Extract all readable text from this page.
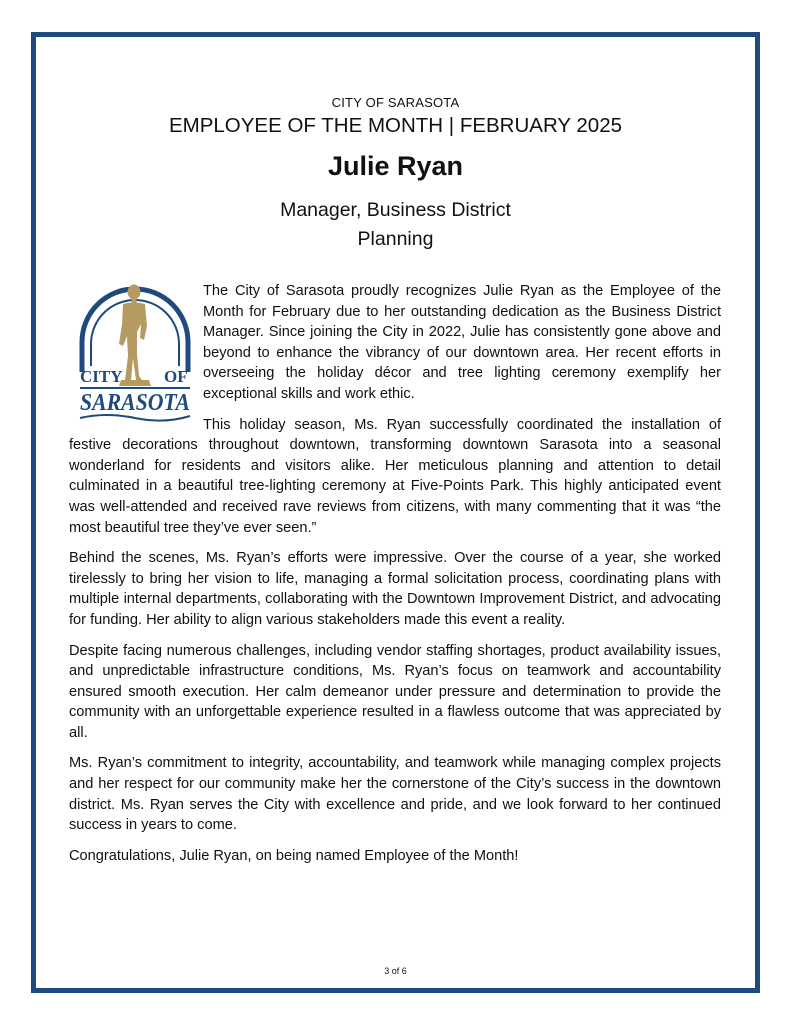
CITY OF SARASOTA
EMPLOYEE OF THE MONTH | FEBRUARY 2025
Julie Ryan
Manager, Business District
Planning
CITY OF
SARASOTA

The City of Sarasota proudly recognizes Julie Ryan as the Employee of the Month for February due to her outstanding dedication as the Business District Manager. Since joining the City in 2022, Julie has consistently gone above and beyond to enhance the vibrancy of our downtown area. Her recent efforts in overseeing the holiday décor and tree lighting ceremony exemplify her exceptional skills and work ethic.

This holiday season, Ms. Ryan successfully coordinated the installation of festive decorations throughout downtown, transforming downtown Sarasota into a seasonal wonderland for residents and visitors alike. Her meticulous planning and attention to detail culminated in a beautiful tree-lighting ceremony at Five-Points Park. This highly anticipated event was well-attended and received rave reviews from citizens, with many commenting that it was “the most beautiful tree they’ve ever seen.”

Behind the scenes, Ms. Ryan’s efforts were impressive. Over the course of a year, she worked tirelessly to bring her vision to life, managing a formal solicitation process, coordinating plans with multiple internal departments, collaborating with the Downtown Improvement District, and advocating for funding. Her ability to align various stakeholders made this event a reality.

Despite facing numerous challenges, including vendor staffing shortages, product availability issues, and unpredictable infrastructure conditions, Ms. Ryan’s focus on teamwork and accountability ensured smooth execution. Her calm demeanor under pressure and determination to provide the community with an unforgettable experience resulted in a flawless outcome that was appreciated by all.

Ms. Ryan’s commitment to integrity, accountability, and teamwork while managing complex projects and her respect for our community make her the cornerstone of the City’s success in the downtown district. Ms. Ryan serves the City with excellence and pride, and we look forward to her continued success in years to come.

Congratulations, Julie Ryan, on being named Employee of the Month!

3 of 6
